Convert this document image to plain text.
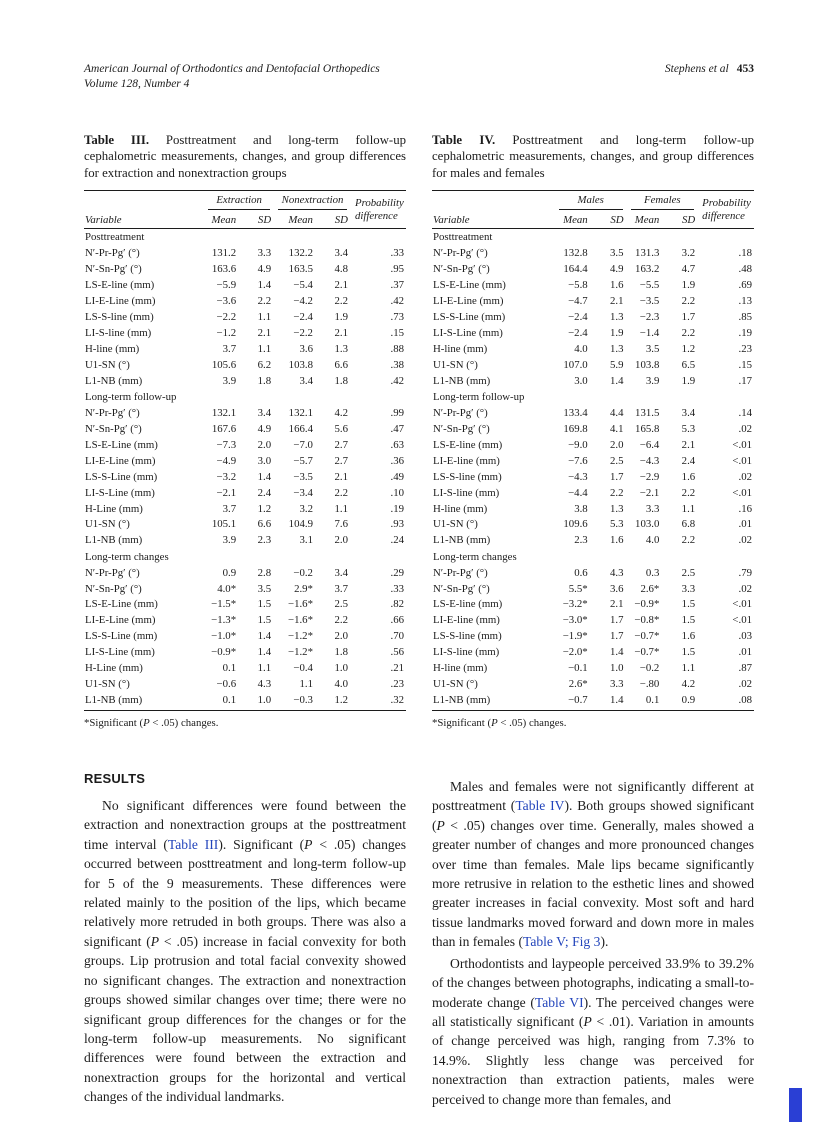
American Journal of Orthodontics and Dentofacial Orthopedics
Volume 128, Number 4
Stephens et al 453

Table III. Posttreatment and long-term follow-up cephalometric measurements, changes, and group differences for extraction and nonextraction groups

	Extraction		Nonextraction		Probability difference
Variable	Mean	SD	Mean	SD	
Posttreatment					
N′-Pr-Pg′ (°)	131.2	3.3	132.2	3.4	.33
N′-Sn-Pg′ (°)	163.6	4.9	163.5	4.8	.95
LS-E-line (mm)	−5.9	1.4	−5.4	2.1	.37
LI-E-Line (mm)	−3.6	2.2	−4.2	2.2	.42
LS-S-line (mm)	−2.2	1.1	−2.4	1.9	.73
LI-S-line (mm)	−1.2	2.1	−2.2	2.1	.15
H-line (mm)	3.7	1.1	3.6	1.3	.88
U1-SN (°)	105.6	6.2	103.8	6.6	.38
L1-NB (mm)	3.9	1.8	3.4	1.8	.42
Long-term follow-up					
N′-Pr-Pg′ (°)	132.1	3.4	132.1	4.2	.99
N′-Sn-Pg′ (°)	167.6	4.9	166.4	5.6	.47
LS-E-Line (mm)	−7.3	2.0	−7.0	2.7	.63
LI-E-Line (mm)	−4.9	3.0	−5.7	2.7	.36
LS-S-Line (mm)	−3.2	1.4	−3.5	2.1	.49
LI-S-Line (mm)	−2.1	2.4	−3.4	2.2	.10
H-Line (mm)	3.7	1.2	3.2	1.1	.19
U1-SN (°)	105.1	6.6	104.9	7.6	.93
L1-NB (mm)	3.9	2.3	3.1	2.0	.24
Long-term changes					
N′-Pr-Pg′ (°)	0.9	2.8	−0.2	3.4	.29
N′-Sn-Pg′ (°)	4.0*	3.5	2.9*	3.7	.33
LS-E-Line (mm)	−1.5*	1.5	−1.6*	2.5	.82
LI-E-Line (mm)	−1.3*	1.5	−1.6*	2.2	.66
LS-S-Line (mm)	−1.0*	1.4	−1.2*	2.0	.70
LI-S-Line (mm)	−0.9*	1.4	−1.2*	1.8	.56
H-Line (mm)	0.1	1.1	−0.4	1.0	.21
U1-SN (°)	−0.6	4.3	1.1	4.0	.23
L1-NB (mm)	0.1	1.0	−0.3	1.2	.32

*Significant (P < .05) changes.

RESULTS

No significant differences were found between the extraction and nonextraction groups at the posttreatment time interval (Table III). Significant (P < .05) changes occurred between posttreatment and long-term follow-up for 5 of the 9 measurements. These differences were related mainly to the position of the lips, which became relatively more retruded in both groups. There was also a significant (P < .05) increase in facial convexity for both groups. Lip protrusion and total facial convexity showed no significant changes. The extraction and nonextraction groups showed similar changes over time; there were no significant group differences for the changes or for the long-term follow-up measurements. No significant differences were found between the extraction and nonextraction groups for the horizontal and vertical changes of the individual landmarks.

Table IV. Posttreatment and long-term follow-up cephalometric measurements, changes, and group differences for males and females

	Males		Females		Probability difference
Variable	Mean	SD	Mean	SD	
Posttreatment					
N′-Pr-Pg′ (°)	132.8	3.5	131.3	3.2	.18
N′-Sn-Pg′ (°)	164.4	4.9	163.2	4.7	.48
LS-E-Line (mm)	−5.8	1.6	−5.5	1.9	.69
LI-E-Line (mm)	−4.7	2.1	−3.5	2.2	.13
LS-S-Line (mm)	−2.4	1.3	−2.3	1.7	.85
LI-S-Line (mm)	−2.4	1.9	−1.4	2.2	.19
H-line (mm)	4.0	1.3	3.5	1.2	.23
U1-SN (°)	107.0	5.9	103.8	6.5	.15
L1-NB (mm)	3.0	1.4	3.9	1.9	.17
Long-term follow-up					
N′-Pr-Pg′ (°)	133.4	4.4	131.5	3.4	.14
N′-Sn-Pg′ (°)	169.8	4.1	165.8	5.3	.02
LS-E-line (mm)	−9.0	2.0	−6.4	2.1	<.01
LI-E-line (mm)	−7.6	2.5	−4.3	2.4	<.01
LS-S-line (mm)	−4.3	1.7	−2.9	1.6	.02
LI-S-line (mm)	−4.4	2.2	−2.1	2.2	<.01
H-line (mm)	3.8	1.3	3.3	1.1	.16
U1-SN (°)	109.6	5.3	103.0	6.8	.01
L1-NB (mm)	2.3	1.6	4.0	2.2	.02
Long-term changes					
N′-Pr-Pg′ (°)	0.6	4.3	0.3	2.5	.79
N′-Sn-Pg′ (°)	5.5*	3.6	2.6*	3.3	.02
LS-E-line (mm)	−3.2*	2.1	−0.9*	1.5	<.01
LI-E-line (mm)	−3.0*	1.7	−0.8*	1.5	<.01
LS-S-line (mm)	−1.9*	1.7	−0.7*	1.6	.03
LI-S-line (mm)	−2.0*	1.4	−0.7*	1.5	.01
H-line (mm)	−0.1	1.0	−0.2	1.1	.87
U1-SN (°)	2.6*	3.3	−.80	4.2	.02
L1-NB (mm)	−0.7	1.4	0.1	0.9	.08

*Significant (P < .05) changes.

Males and females were not significantly different at posttreatment (Table IV). Both groups showed significant (P < .05) changes over time. Generally, males showed a greater number of changes and more pronounced changes over time than females. Male lips became significantly more retrusive in relation to the esthetic lines and showed greater increases in facial convexity. Most soft and hard tissue landmarks moved forward and down more in males than in females (Table V; Fig 3).

Orthodontists and laypeople perceived 33.9% to 39.2% of the changes between photographs, indicating a small-to-moderate change (Table VI). The perceived changes were all statistically significant (P < .01). Variation in amounts of change perceived was high, ranging from 7.3% to 14.9%. Slightly less change was perceived for nonextraction than extraction patients, males were perceived to change more than females, and
